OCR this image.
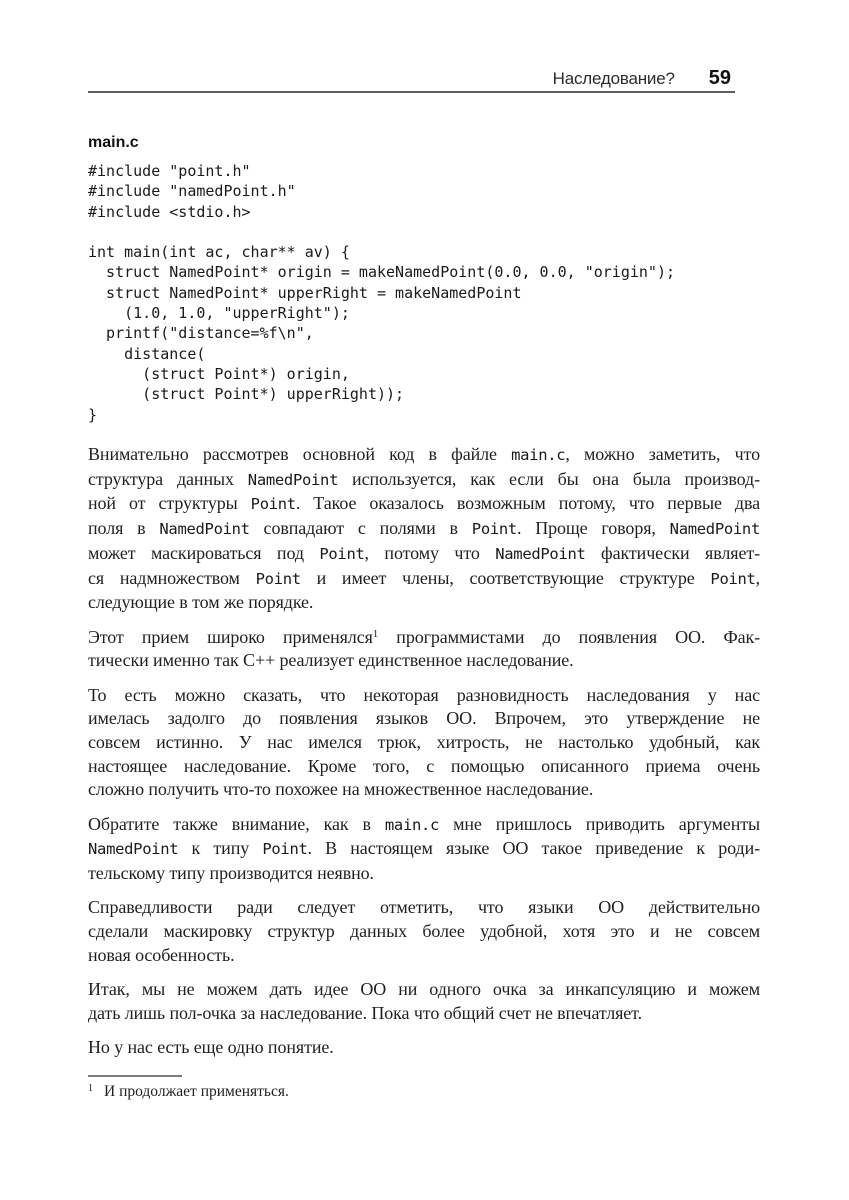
Наследование? 59
main.c
#include "point.h"
#include "namedPoint.h"
#include <stdio.h>

int main(int ac, char** av) {
struct NamedPoint* origin = makeNamedPoint(0.0, 0.0, "origin");
struct NamedPoint* upperRight = makeNamedPoint
(1.0, 1.0, "upperRight");
printf("distance=%f\n",
distance(
(struct Point*) origin,
(struct Point*) upperRight));
}
Внимательно рассмотрев основной код в файле main.c, можно заметить, что
структура данных NamedPoint используется, как если бы она была производ-
ной от структуры Point. Такое оказалось возможным потому, что первые два
поля в NamedPoint совпадают с полями в Point. Проще говоря, NamedPoint
может маскироваться под Point, потому что NamedPoint фактически являет-
ся надмножеством Point и имеет члены, соответствующие структуре Point,
следующие в том же порядке.
Этот прием широко применялся$^1$ программистами до появления ОО. Фак-
тически именно так C++ реализует единственное наследование.
То есть можно сказать, что некоторая разновидность наследования у нас
имелась задолго до появления языков ОО. Впрочем, это утверждение не
совсем истинно. У нас имелся трюк, хитрость, не настолько удобный, как
настоящее наследование. Кроме того, с помощью описанного приема очень
сложно получить что-то похожее на множественное наследование.
Обратите также внимание, как в main.c мне пришлось приводить аргументы
NamedPoint к типу Point. В настоящем языке ОО такое приведение к роди-
тельскому типу производится неявно.
Справедливости ради следует отметить, что языки ОО действительно
сделали маскировку структур данных более удобной, хотя это и не совсем
новая особенность.
Итак, мы не можем дать идее ОО ни одного очка за инкапсуляцию и можем
дать лишь пол-очка за наследование. Пока что общий счет не впечатляет.
Но у нас есть еще одно понятие.
$^1$ И продолжает применяться.
